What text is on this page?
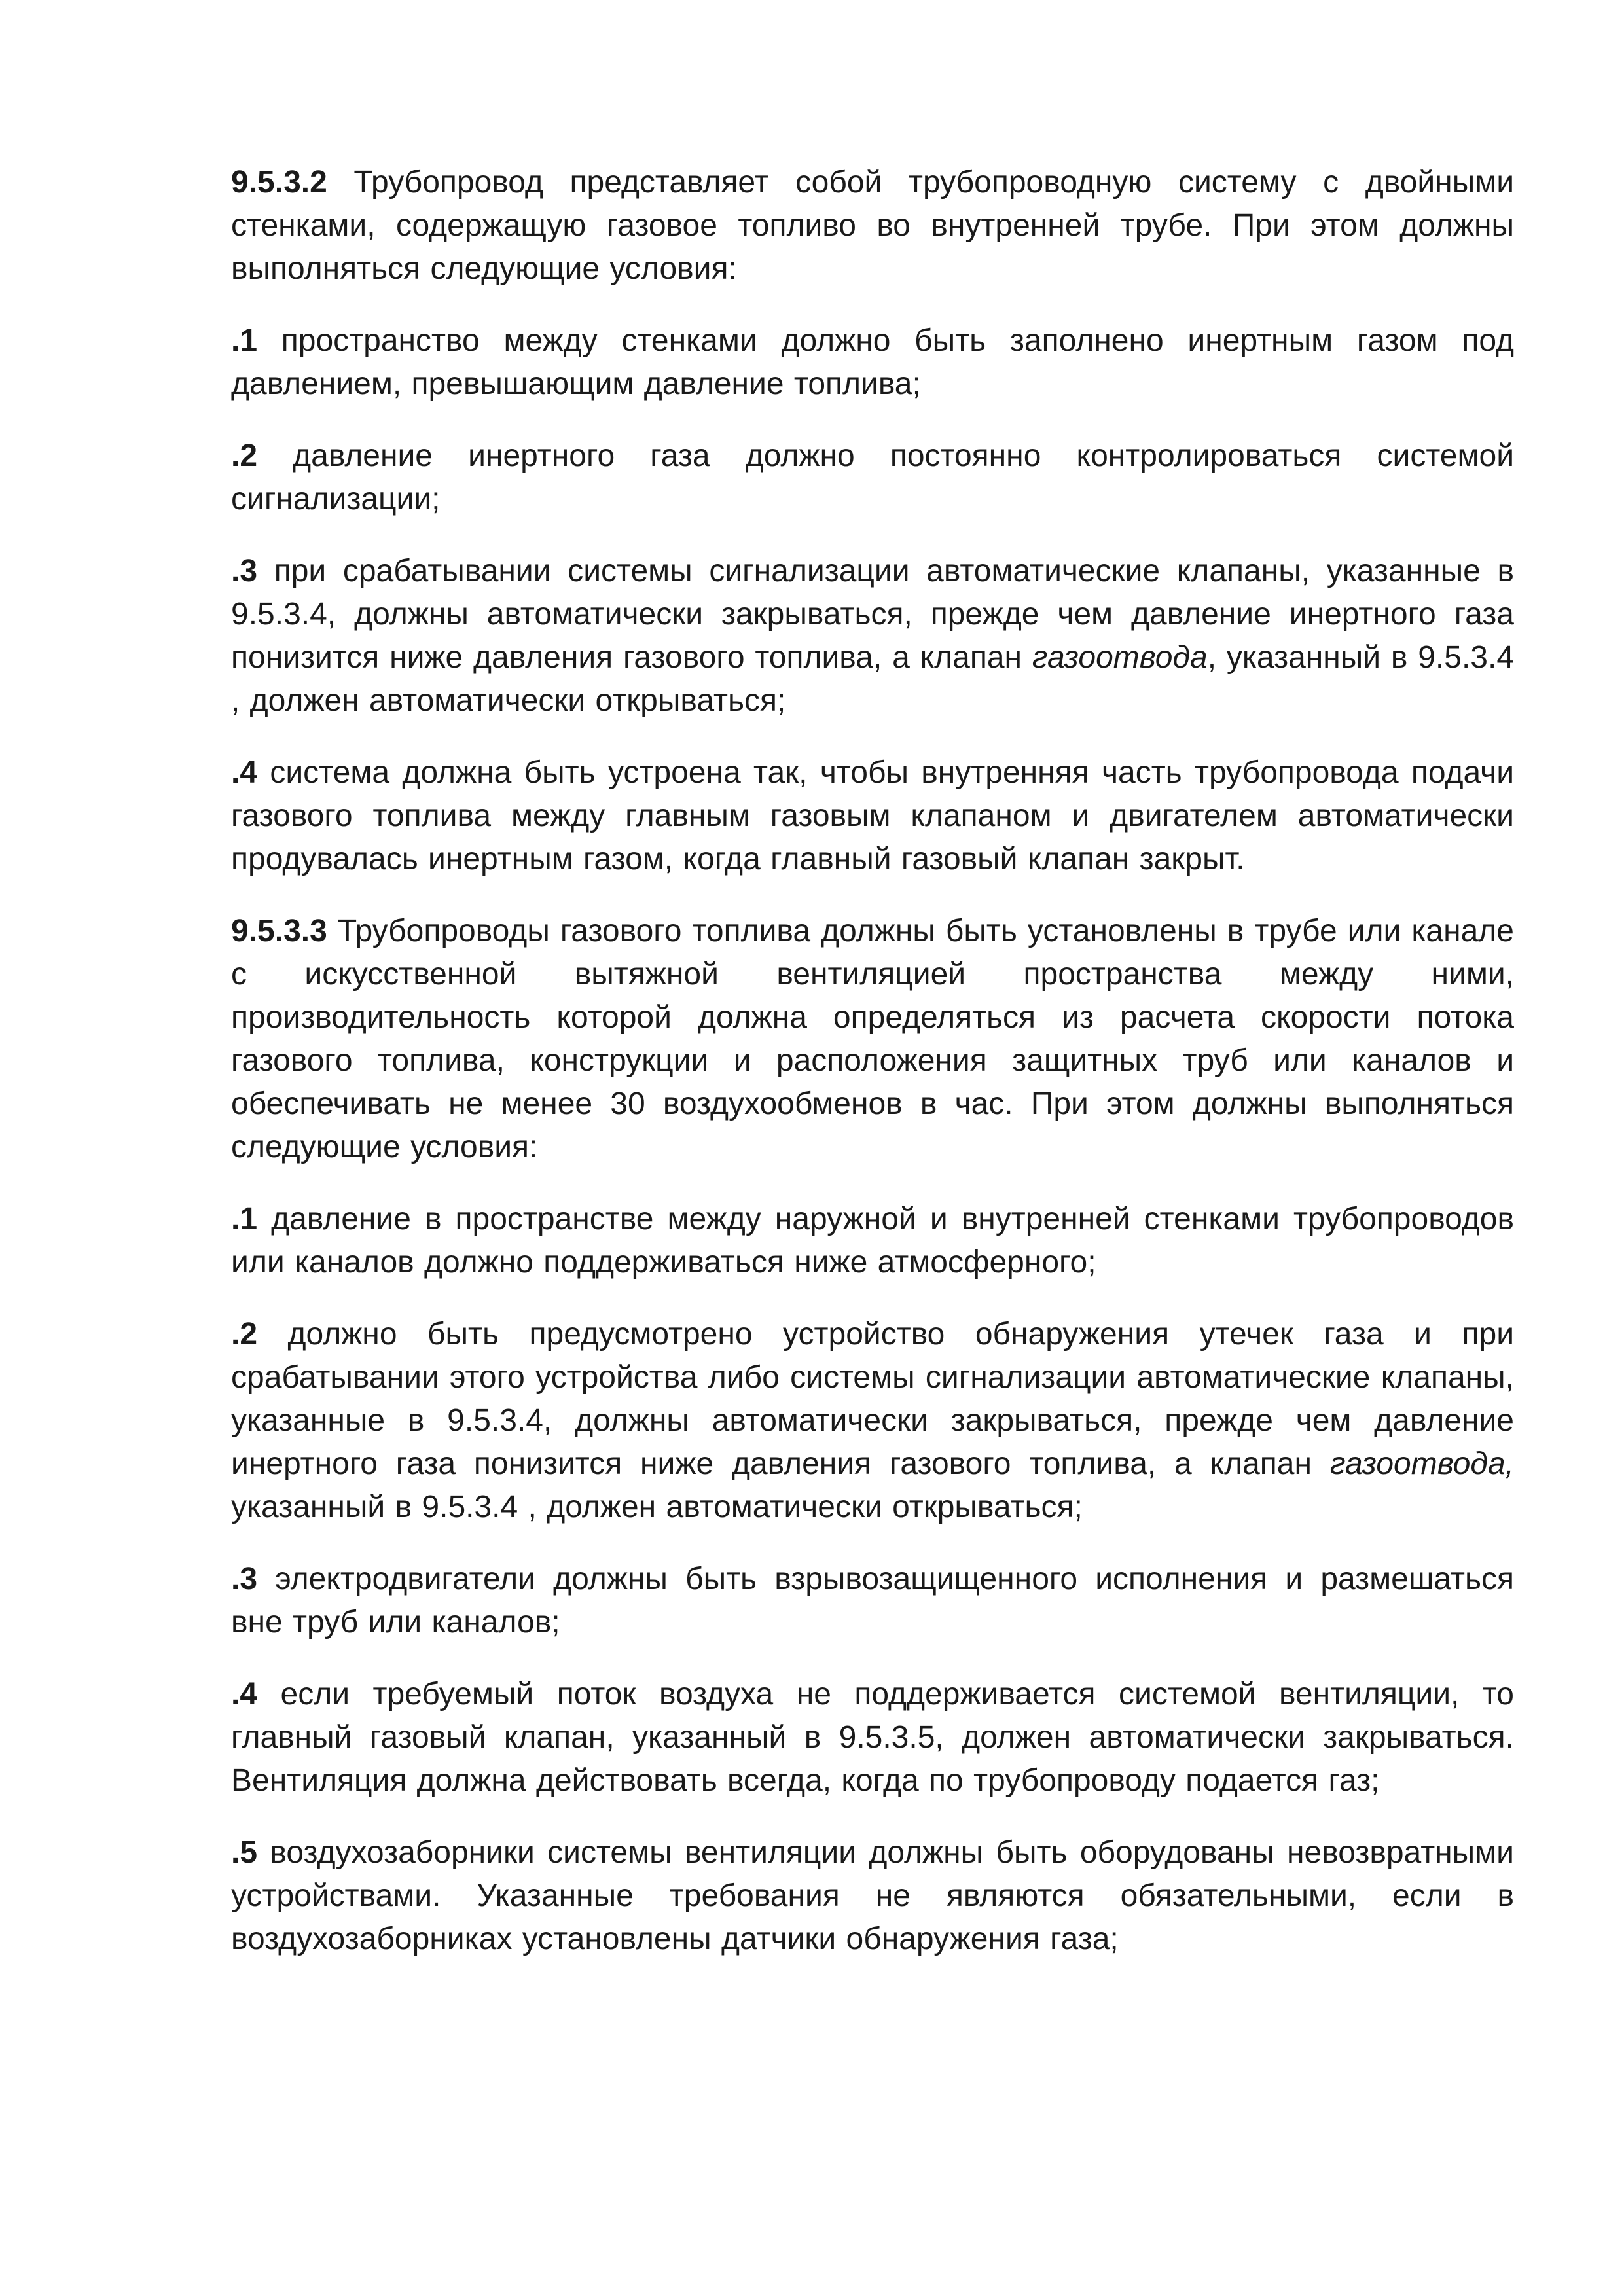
9.5.3.2 Трубопровод представляет собой трубопроводную систему с двойными стенками, содержащую газовое топливо во внутренней трубе. При этом должны выполняться следующие условия:

.1 пространство между стенками должно быть заполнено инертным газом под давлением, превышающим давление топлива;

.2 давление инертного газа должно постоянно контролироваться системой сигнализации;

.3 при срабатывании системы сигнализации автоматические клапаны, указанные в 9.5.3.4, должны автоматически закрываться, прежде чем давление инертного газа понизится ниже давления газового топлива, а клапан газоотвода, указанный в 9.5.3.4 , должен автоматически открываться;

.4 система должна быть устроена так, чтобы внутренняя часть трубопровода подачи газового топлива между главным газовым клапаном и двигателем автоматически продувалась инертным газом, когда главный газовый клапан закрыт.

9.5.3.3 Трубопроводы газового топлива должны быть установлены в трубе или канале с искусственной вытяжной вентиляцией пространства между ними, производительность которой должна определяться из расчета скорости потока газового топлива, конструкции и расположения защитных труб или каналов и обеспечивать не менее 30 воздухообменов в час. При этом должны выполняться следующие условия:

.1 давление в пространстве между наружной и внутренней стенками трубопроводов или каналов должно поддерживаться ниже атмосферного;

.2 должно быть предусмотрено устройство обнаружения утечек газа и при срабатывании этого устройства либо системы сигнализации автоматические клапаны, указанные в 9.5.3.4, должны автоматически закрываться, прежде чем давление инертного газа понизится ниже давления газового топлива, а клапан газоотвода, указанный в 9.5.3.4 , должен автоматически открываться;

.3 электродвигатели должны быть взрывозащищенного исполнения и размешаться вне труб или каналов;

.4 если требуемый поток воздуха не поддерживается системой вентиляции, то главный газовый клапан, указанный в 9.5.3.5, должен автоматически закрываться. Вентиляция должна действовать всегда, когда по трубопроводу подается газ;

.5 воздухозаборники системы вентиляции должны быть оборудованы невозвратными устройствами. Указанные требования не являются обязательными, если в воздухозаборниках установлены датчики обнаружения газа;
